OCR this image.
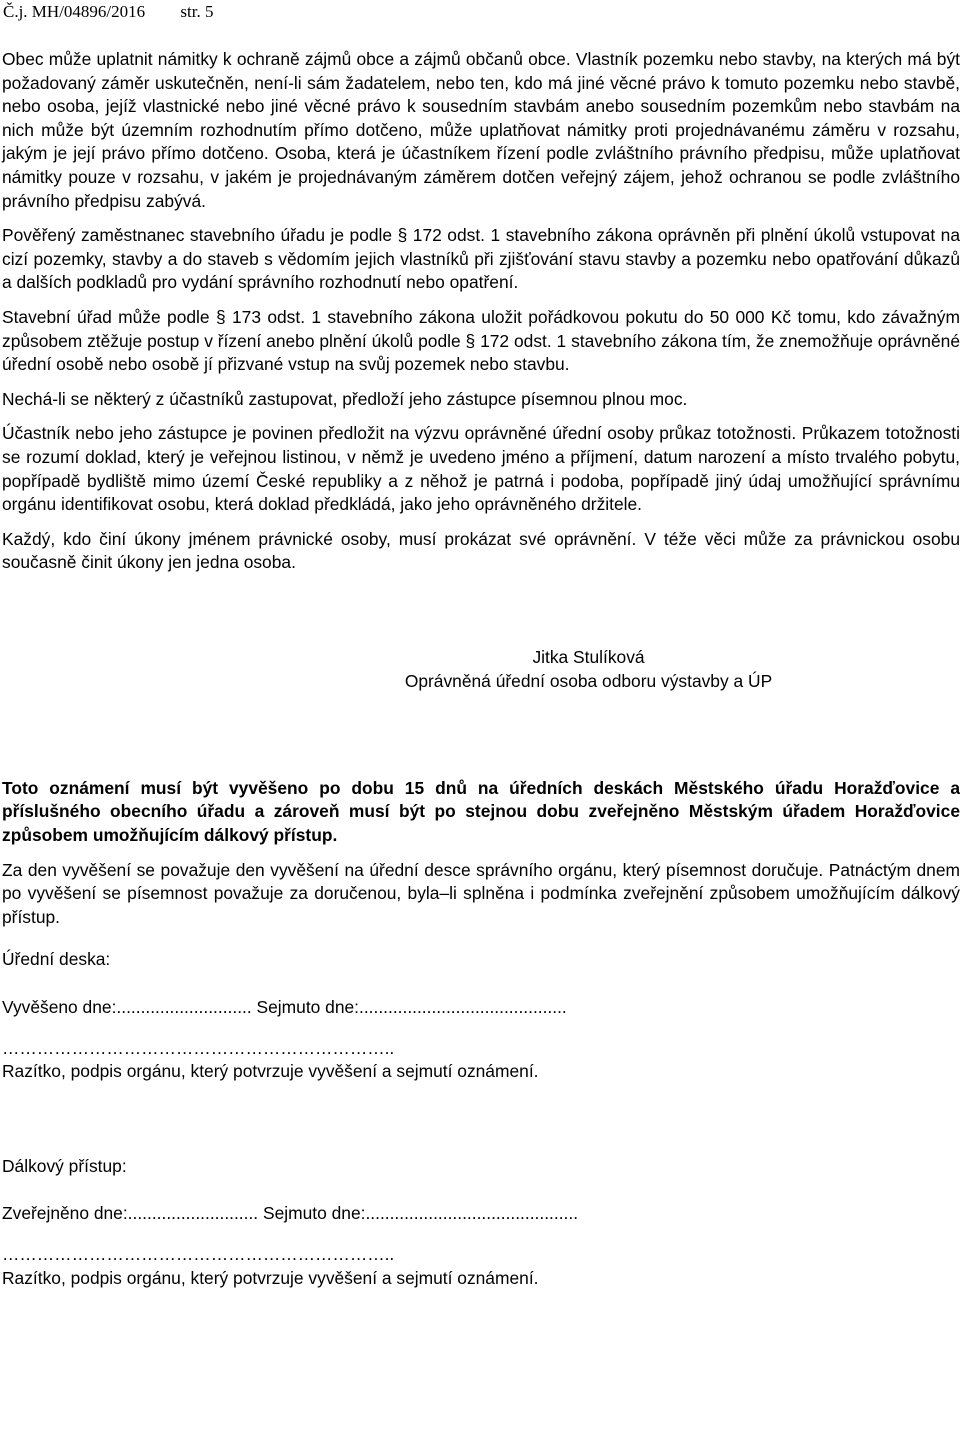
Č.j. MH/04896/2016 str. 5

Obec může uplatnit námitky k ochraně zájmů obce a zájmů občanů obce. Vlastník pozemku nebo stavby, na kterých má být požadovaný záměr uskutečněn, není-li sám žadatelem, nebo ten, kdo má jiné věcné právo k tomuto pozemku nebo stavbě, nebo osoba, jejíž vlastnické nebo jiné věcné právo k sousedním stavbám anebo sousedním pozemkům nebo stavbám na nich může být územním rozhodnutím přímo dotčeno, může uplatňovat námitky proti projednávanému záměru v rozsahu, jakým je její právo přímo dotčeno. Osoba, která je účastníkem řízení podle zvláštního právního předpisu, může uplatňovat námitky pouze v rozsahu, v jakém je projednávaným záměrem dotčen veřejný zájem, jehož ochranou se podle zvláštního právního předpisu zabývá.

Pověřený zaměstnanec stavebního úřadu je podle § 172 odst. 1 stavebního zákona oprávněn při plnění úkolů vstupovat na cizí pozemky, stavby a do staveb s vědomím jejich vlastníků při zjišťování stavu stavby a pozemku nebo opatřování důkazů a dalších podkladů pro vydání správního rozhodnutí nebo opatření.

Stavební úřad může podle § 173 odst. 1 stavebního zákona uložit pořádkovou pokutu do 50 000 Kč tomu, kdo závažným způsobem ztěžuje postup v řízení anebo plnění úkolů podle § 172 odst. 1 stavebního zákona tím, že znemožňuje oprávněné úřední osobě nebo osobě jí přizvané vstup na svůj pozemek nebo stavbu.

Nechá-li se některý z účastníků zastupovat, předloží jeho zástupce písemnou plnou moc.

Účastník nebo jeho zástupce je povinen předložit na výzvu oprávněné úřední osoby průkaz totožnosti. Průkazem totožnosti se rozumí doklad, který je veřejnou listinou, v němž je uvedeno jméno a příjmení, datum narození a místo trvalého pobytu, popřípadě bydliště mimo území České republiky a z něhož je patrná i podoba, popřípadě jiný údaj umožňující správnímu orgánu identifikovat osobu, která doklad předkládá, jako jeho oprávněného držitele.

Každý, kdo činí úkony jménem právnické osoby, musí prokázat své oprávnění. V téže věci může za právnickou osobu současně činit úkony jen jedna osoba.

Jitka Stulíková
Oprávněná úřední osoba odboru výstavby a ÚP

Toto oznámení musí být vyvěšeno po dobu 15 dnů na úředních deskách Městského úřadu Horažďovice a příslušného obecního úřadu a zároveň musí být po stejnou dobu zveřejněno Městským úřadem Horažďovice způsobem umožňujícím dálkový přístup.

Za den vyvěšení se považuje den vyvěšení na úřední desce správního orgánu, který písemnost doručuje. Patnáctým dnem po vyvěšení se písemnost považuje za doručenou, byla–li splněna i podmínka zveřejnění způsobem umožňujícím dálkový přístup.

Úřední deska:
Vyvěšeno dne:............................ Sejmuto dne:...........................................
…………………………………………………………..
Razítko, podpis orgánu, který potvrzuje vyvěšení a sejmutí oznámení.
Dálkový přístup:
Zveřejněno dne:........................... Sejmuto dne:............................................
…………………………………………………………..
Razítko, podpis orgánu, který potvrzuje vyvěšení a sejmutí oznámení.
